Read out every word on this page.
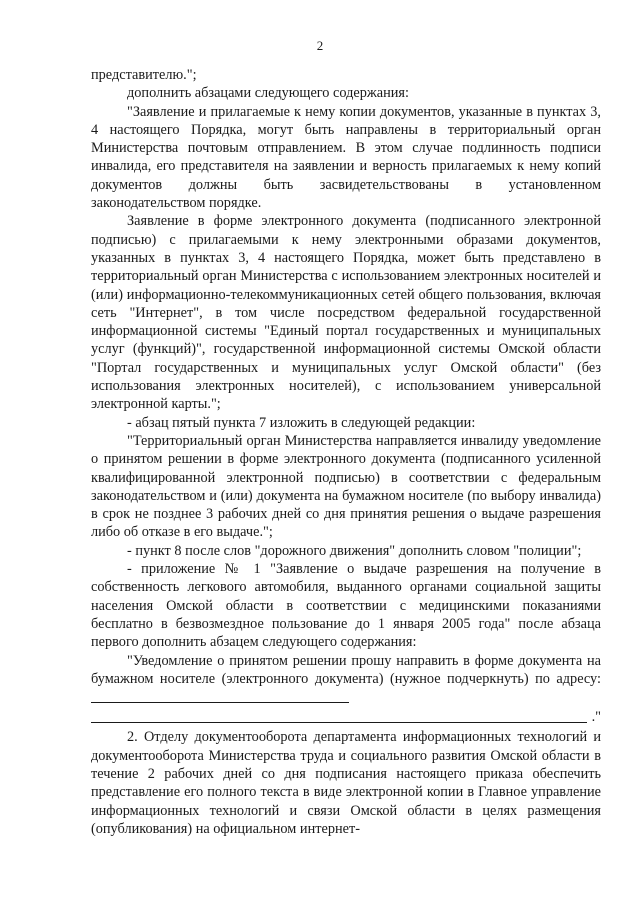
2

представителю.";

дополнить абзацами следующего содержания:

"Заявление и прилагаемые к нему копии документов, указанные в пунктах 3, 4 настоящего Порядка, могут быть направлены в территориальный орган Министерства почтовым отправлением. В этом случае подлинность подписи инвалида, его представителя на заявлении и верность прилагаемых к нему копий документов должны быть засвидетельствованы в установленном законодательством порядке.

Заявление в форме электронного документа (подписанного электронной подписью) с прилагаемыми к нему электронными образами документов, указанных в пунктах 3, 4 настоящего Порядка, может быть представлено в территориальный орган Министерства с использованием электронных носителей и (или) информационно-телекоммуникационных сетей общего пользования, включая сеть "Интернет", в том числе посредством федеральной государственной информационной системы "Единый портал государственных и муниципальных услуг (функций)", государственной информационной системы Омской области "Портал государственных и муниципальных услуг Омской области" (без использования электронных носителей), с использованием универсальной электронной карты.";

- абзац пятый пункта 7 изложить в следующей редакции:

"Территориальный орган Министерства направляется инвалиду уведомление о принятом решении в форме электронного документа (подписанного усиленной квалифицированной электронной подписью) в соответствии с федеральным законодательством и (или) документа на бумажном носителе (по выбору инвалида) в срок не позднее 3 рабочих дней со дня принятия решения о выдаче разрешения либо об отказе в его выдаче.";

- пункт 8 после слов "дорожного движения" дополнить словом "полиции";

- приложение № 1 "Заявление о выдаче разрешения на получение в собственность легкового автомобиля, выданного органами социальной защиты населения Омской области в соответствии с медицинскими показаниями бесплатно в безвозмездное пользование до 1 января 2005 года" после абзаца первого дополнить абзацем следующего содержания:

"Уведомление о принятом решении прошу направить в форме документа на бумажном носителе (электронного документа) (нужное подчеркнуть) по адресу:

."

2. Отделу документооборота департамента информационных технологий и документооборота Министерства труда и социального развития Омской области в течение 2 рабочих дней со дня подписания настоящего приказа обеспечить представление его полного текста в виде электронной копии в Главное управление информационных технологий и связи Омской области в целях размещения (опубликования) на официальном интернет-
